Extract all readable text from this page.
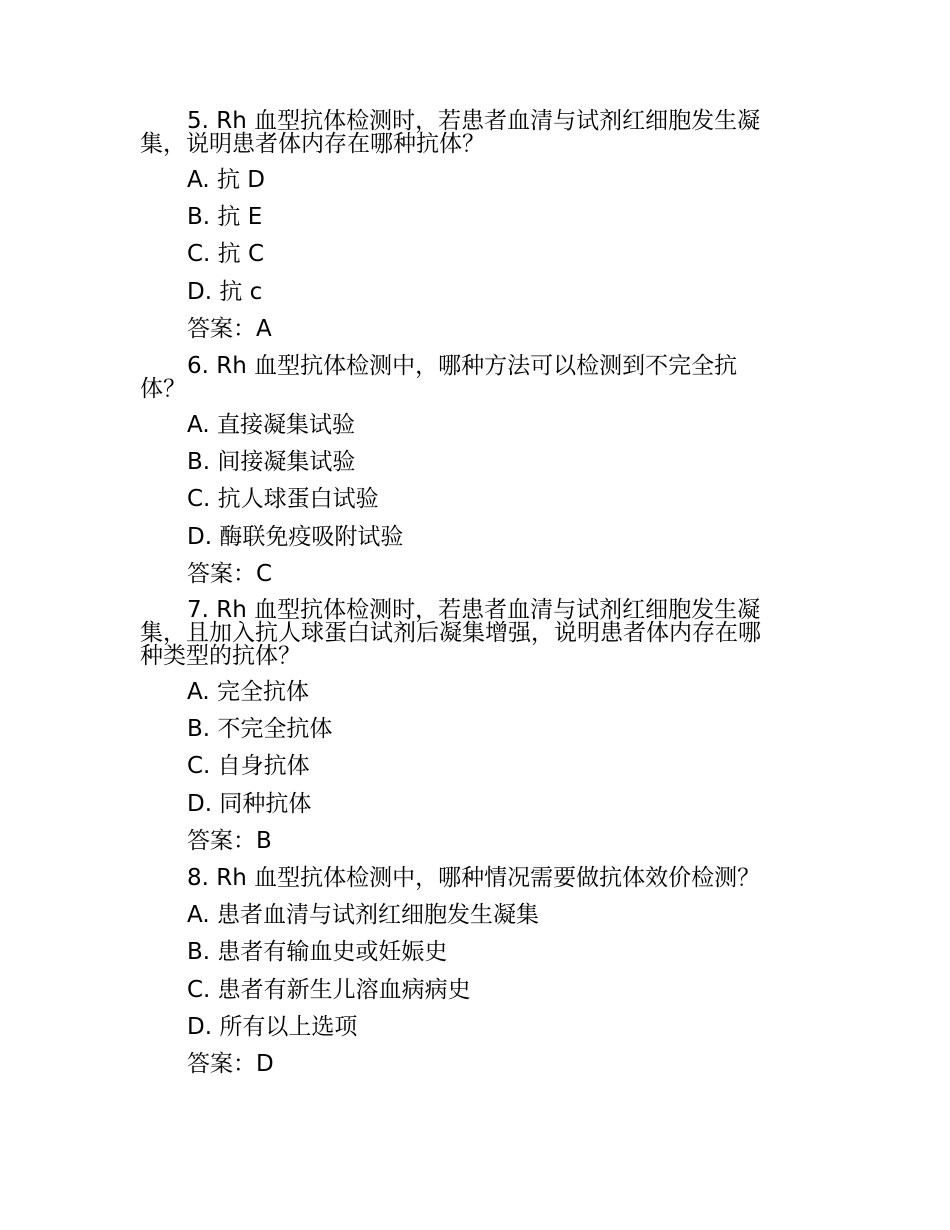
5. Rh 血型抗体检测时，若患者血清与试剂红细胞发生凝
集，说明患者体内存在哪种抗体？
A. 抗 D
B. 抗 E
C. 抗 C
D. 抗 c
答案：A
6. Rh 血型抗体检测中，哪种方法可以检测到不完全抗
体？
A. 直接凝集试验
B. 间接凝集试验
C. 抗人球蛋白试验
D. 酶联免疫吸附试验
答案：C
7. Rh 血型抗体检测时，若患者血清与试剂红细胞发生凝
集，且加入抗人球蛋白试剂后凝集增强，说明患者体内存在哪
种类型的抗体？
A. 完全抗体
B. 不完全抗体
C. 自身抗体
D. 同种抗体
答案：B
8. Rh 血型抗体检测中，哪种情况需要做抗体效价检测？
A. 患者血清与试剂红细胞发生凝集
B. 患者有输血史或妊娠史
C. 患者有新生儿溶血病病史
D. 所有以上选项
答案：D
